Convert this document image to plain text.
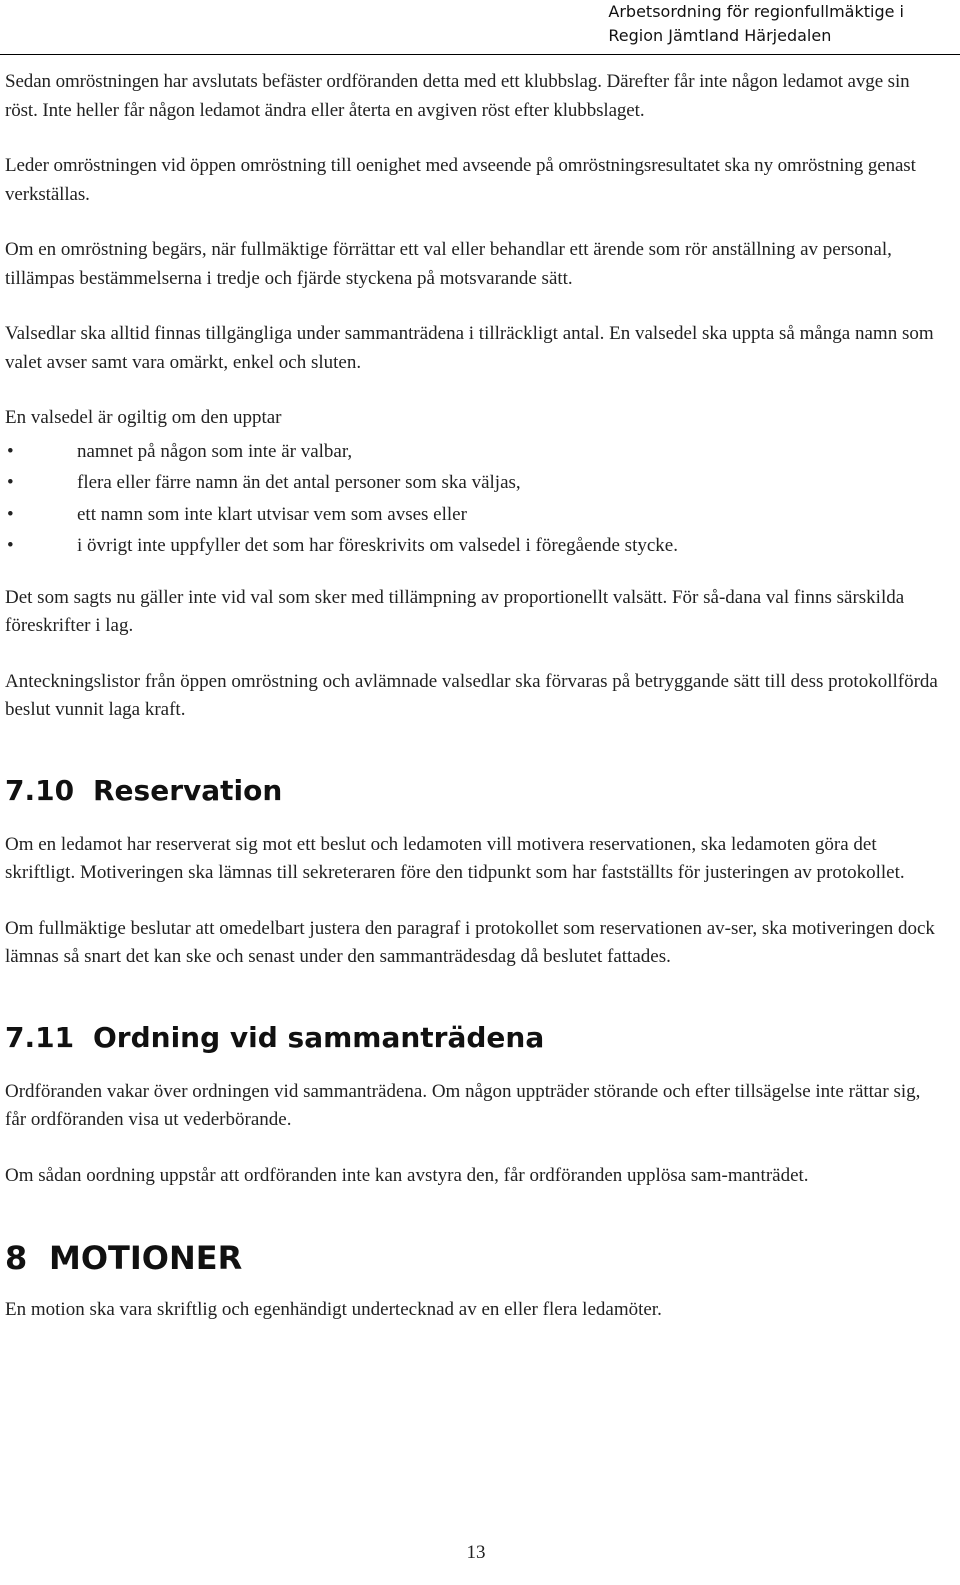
Arbetsordning för regionfullmäktige i
Region Jämtland Härjedalen

Sedan omröstningen har avslutats befäster ordföranden detta med ett klubbslag. Därefter får inte någon ledamot avge sin röst. Inte heller får någon ledamot ändra eller återta en avgiven röst efter klubbslaget.

Leder omröstningen vid öppen omröstning till oenighet med avseende på omröstningsresultatet ska ny omröstning genast verkställas.

Om en omröstning begärs, när fullmäktige förrättar ett val eller behandlar ett ärende som rör anställning av personal, tillämpas bestämmelserna i tredje och fjärde styckena på motsvarande sätt.

Valsedlar ska alltid finnas tillgängliga under sammanträdena i tillräckligt antal. En valsedel ska uppta så många namn som valet avser samt vara omärkt, enkel och sluten.

En valsedel är ogiltig om den upptar

•	namnet på någon som inte är valbar,
•	flera eller färre namn än det antal personer som ska väljas,
•	ett namn som inte klart utvisar vem som avses eller
•	i övrigt inte uppfyller det som har föreskrivits om valsedel i föregående stycke.

Det som sagts nu gäller inte vid val som sker med tillämpning av proportionellt valsätt. För så-dana val finns särskilda föreskrifter i lag.

Anteckningslistor från öppen omröstning och avlämnade valsedlar ska förvaras på betryggande sätt till dess protokollförda beslut vunnit laga kraft.

7.10 Reservation

Om en ledamot har reserverat sig mot ett beslut och ledamoten vill motivera reservationen, ska ledamoten göra det skriftligt. Motiveringen ska lämnas till sekreteraren före den tidpunkt som har fastställts för justeringen av protokollet.

Om fullmäktige beslutar att omedelbart justera den paragraf i protokollet som reservationen av-ser, ska motiveringen dock lämnas så snart det kan ske och senast under den sammanträdesdag då beslutet fattades.

7.11 Ordning vid sammanträdena

Ordföranden vakar över ordningen vid sammanträdena. Om någon uppträder störande och efter tillsägelse inte rättar sig, får ordföranden visa ut vederbörande.

Om sådan oordning uppstår att ordföranden inte kan avstyra den, får ordföranden upplösa sam-manträdet.

8 MOTIONER

En motion ska vara skriftlig och egenhändigt undertecknad av en eller flera ledamöter.

13
